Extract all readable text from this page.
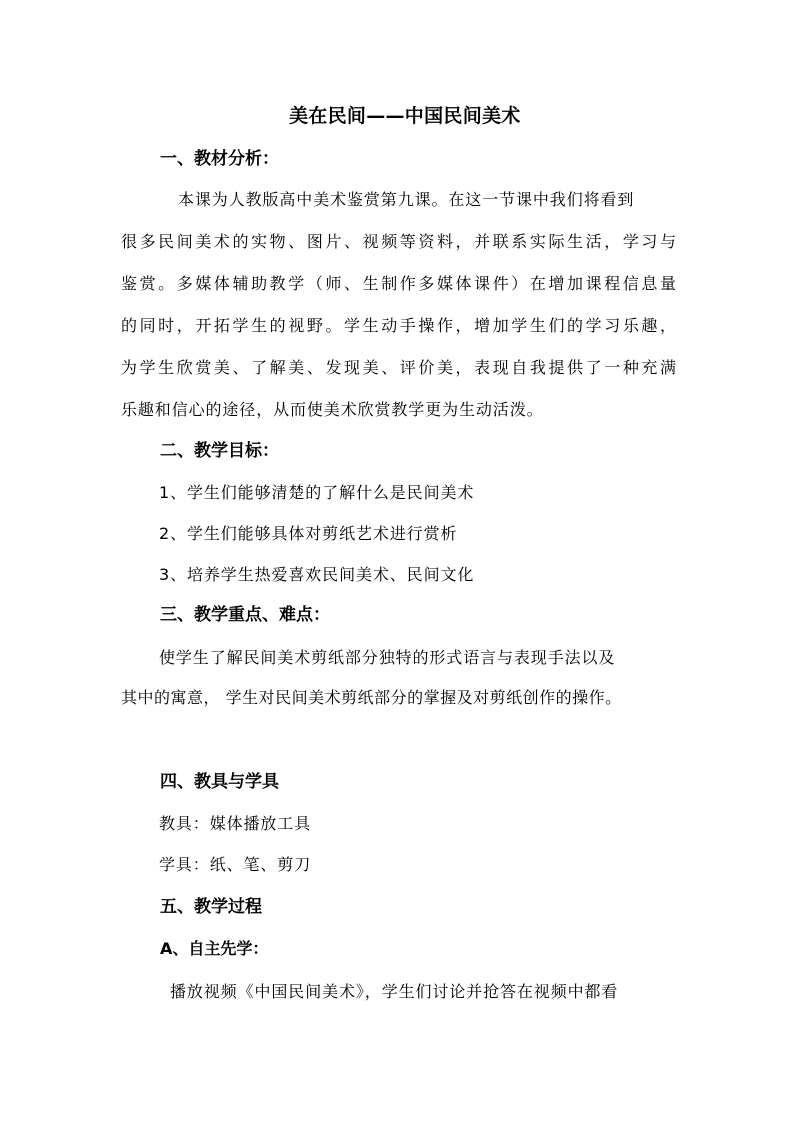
美在民间——中国民间美术
一、教材分析：
本课为人教版高中美术鉴赏第九课。在这一节课中我们将看到
很多民间美术的实物、图片、视频等资料，并联系实际生活，学习与
鉴赏。多媒体辅助教学（师、生制作多媒体课件）在增加课程信息量
的同时，开拓学生的视野。学生动手操作，增加学生们的学习乐趣，
为学生欣赏美、了解美、发现美、评价美，表现自我提供了一种充满
乐趣和信心的途径，从而使美术欣赏教学更为生动活泼。
二、教学目标：
1、学生们能够清楚的了解什么是民间美术
2、学生们能够具体对剪纸艺术进行赏析
3、培养学生热爱喜欢民间美术、民间文化
三、教学重点、难点：
使学生了解民间美术剪纸部分独特的形式语言与表现手法以及
其中的寓意， 学生对民间美术剪纸部分的掌握及对剪纸创作的操作。
四、教具与学具
教具：媒体播放工具
学具：纸、笔、剪刀
五、教学过程
A、自主先学：
播放视频《中国民间美术》，学生们讨论并抢答在视频中都看
